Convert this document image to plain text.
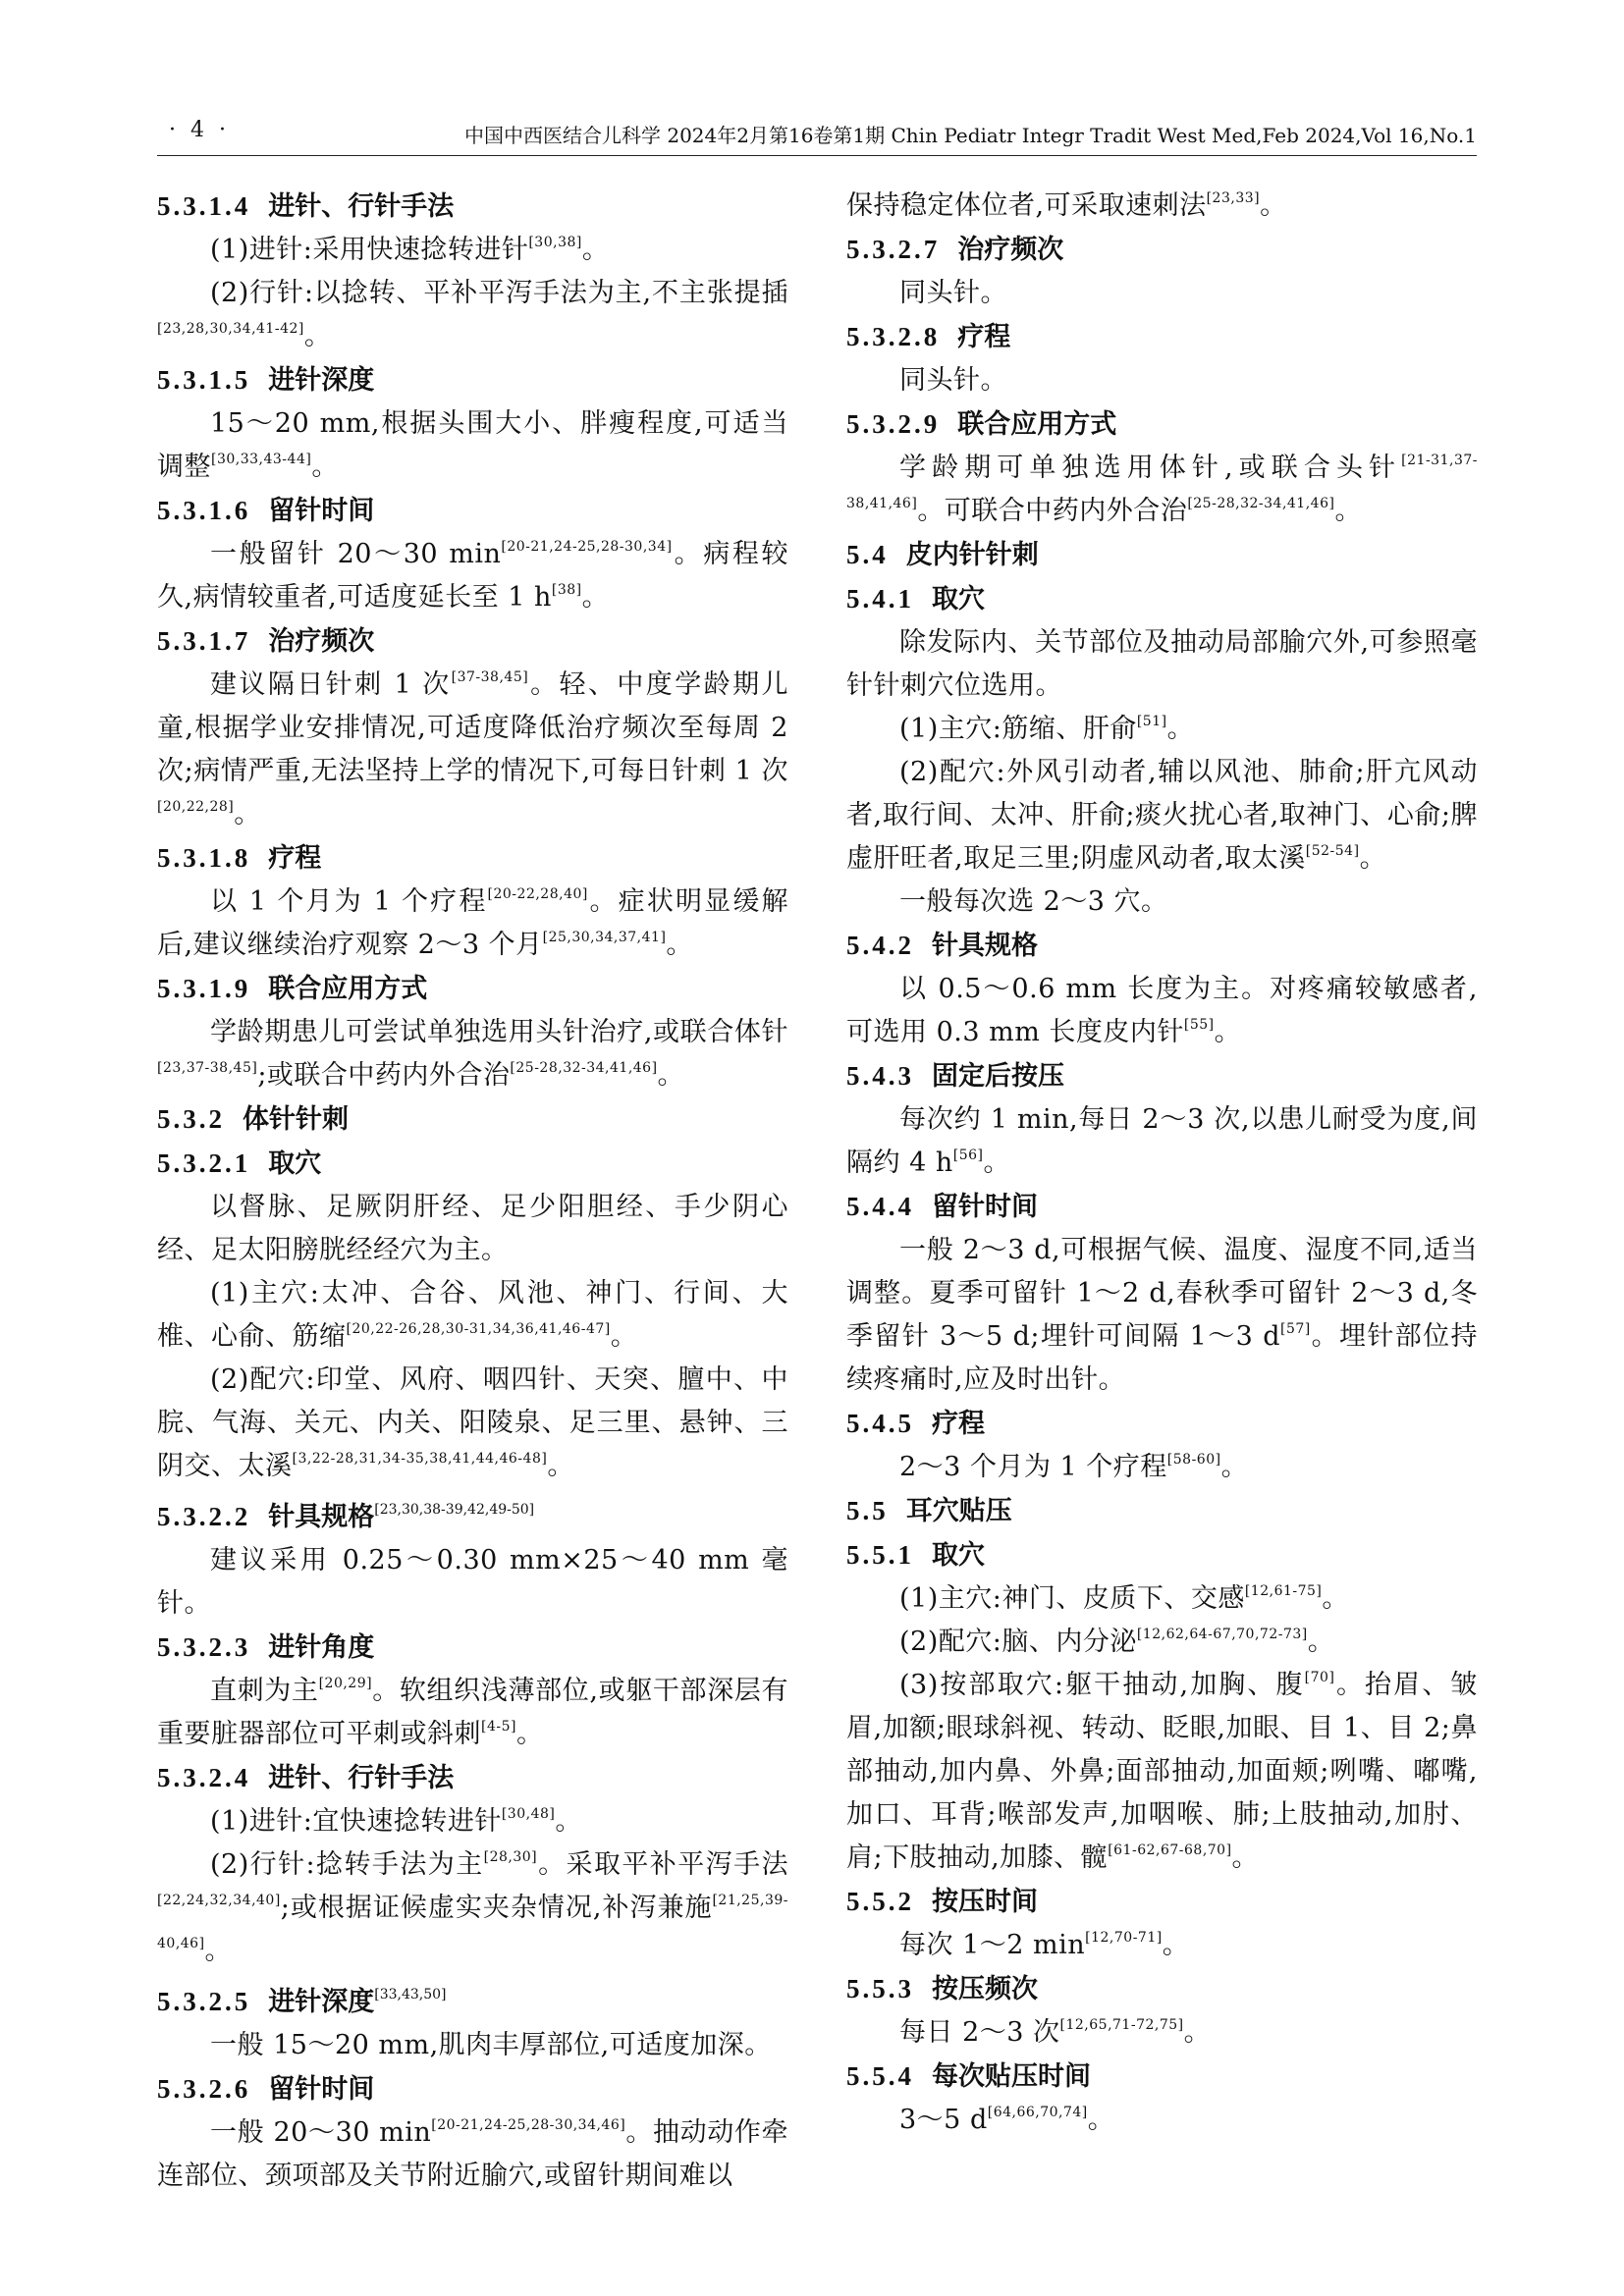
· 4 ·	中国中西医结合儿科学 2024年2月第16卷第1期 Chin Pediatr Integr Tradit West Med,Feb 2024,Vol 16,No.1
5.3.1.4 进针、行针手法
(1)进针:采用快速捻转进针[30,38]。
(2)行针:以捻转、平补平泻手法为主,不主张提插[23,28,30,34,41-42]。
5.3.1.5 进针深度
15～20 mm,根据头围大小、胖瘦程度,可适当调整[30,33,43-44]。
5.3.1.6 留针时间
一般留针 20～30 min[20-21,24-25,28-30,34]。病程较久,病情较重者,可适度延长至 1 h[38]。
5.3.1.7 治疗频次
建议隔日针刺 1 次[37-38,45]。轻、中度学龄期儿童,根据学业安排情况,可适度降低治疗频次至每周 2 次;病情严重,无法坚持上学的情况下,可每日针刺 1 次[20,22,28]。
5.3.1.8 疗程
以 1 个月为 1 个疗程[20-22,28,40]。症状明显缓解后,建议继续治疗观察 2～3 个月[25,30,34,37,41]。
5.3.1.9 联合应用方式
学龄期患儿可尝试单独选用头针治疗,或联合体针[23,37-38,45];或联合中药内外合治[25-28,32-34,41,46]。
5.3.2 体针针刺
5.3.2.1 取穴
以督脉、足厥阴肝经、足少阳胆经、手少阴心经、足太阳膀胱经经穴为主。
(1)主穴:太冲、合谷、风池、神门、行间、大椎、心俞、筋缩[20,22-26,28,30-31,34,36,41,46-47]。
(2)配穴:印堂、风府、咽四针、天突、膻中、中脘、气海、关元、内关、阳陵泉、足三里、悬钟、三阴交、太溪[3,22-28,31,34-35,38,41,44,46-48]。
5.3.2.2 针具规格[23,30,38-39,42,49-50]
建议采用 0.25～0.30 mm×25～40 mm 毫针。
5.3.2.3 进针角度
直刺为主[20,29]。软组织浅薄部位,或躯干部深层有重要脏器部位可平刺或斜刺[4-5]。
5.3.2.4 进针、行针手法
(1)进针:宜快速捻转进针[30,48]。
(2)行针:捻转手法为主[28,30]。采取平补平泻手法[22,24,32,34,40];或根据证候虚实夹杂情况,补泻兼施[21,25,39-40,46]。
5.3.2.5 进针深度[33,43,50]
一般 15～20 mm,肌肉丰厚部位,可适度加深。
5.3.2.6 留针时间
一般 20～30 min[20-21,24-25,28-30,34,46]。抽动动作牵连部位、颈项部及关节附近腧穴,或留针期间难以
保持稳定体位者,可采取速刺法[23,33]。
5.3.2.7 治疗频次
同头针。
5.3.2.8 疗程
同头针。
5.3.2.9 联合应用方式
学龄期可单独选用体针,或联合头针[21-31,37-38,41,46]。可联合中药内外合治[25-28,32-34,41,46]。
5.4 皮内针针刺
5.4.1 取穴
除发际内、关节部位及抽动局部腧穴外,可参照毫针针刺穴位选用。
(1)主穴:筋缩、肝俞[51]。
(2)配穴:外风引动者,辅以风池、肺俞;肝亢风动者,取行间、太冲、肝俞;痰火扰心者,取神门、心俞;脾虚肝旺者,取足三里;阴虚风动者,取太溪[52-54]。
一般每次选 2～3 穴。
5.4.2 针具规格
以 0.5～0.6 mm 长度为主。对疼痛较敏感者,可选用 0.3 mm 长度皮内针[55]。
5.4.3 固定后按压
每次约 1 min,每日 2～3 次,以患儿耐受为度,间隔约 4 h[56]。
5.4.4 留针时间
一般 2～3 d,可根据气候、温度、湿度不同,适当调整。夏季可留针 1～2 d,春秋季可留针 2～3 d,冬季留针 3～5 d;埋针可间隔 1～3 d[57]。埋针部位持续疼痛时,应及时出针。
5.4.5 疗程
2～3 个月为 1 个疗程[58-60]。
5.5 耳穴贴压
5.5.1 取穴
(1)主穴:神门、皮质下、交感[12,61-75]。
(2)配穴:脑、内分泌[12,62,64-67,70,72-73]。
(3)按部取穴:躯干抽动,加胸、腹[70]。抬眉、皱眉,加额;眼球斜视、转动、眨眼,加眼、目 1、目 2;鼻部抽动,加内鼻、外鼻;面部抽动,加面颊;咧嘴、嘟嘴,加口、耳背;喉部发声,加咽喉、肺;上肢抽动,加肘、肩;下肢抽动,加膝、髋[61-62,67-68,70]。
5.5.2 按压时间
每次 1～2 min[12,70-71]。
5.5.3 按压频次
每日 2～3 次[12,65,71-72,75]。
5.5.4 每次贴压时间
3～5 d[64,66,70,74]。
